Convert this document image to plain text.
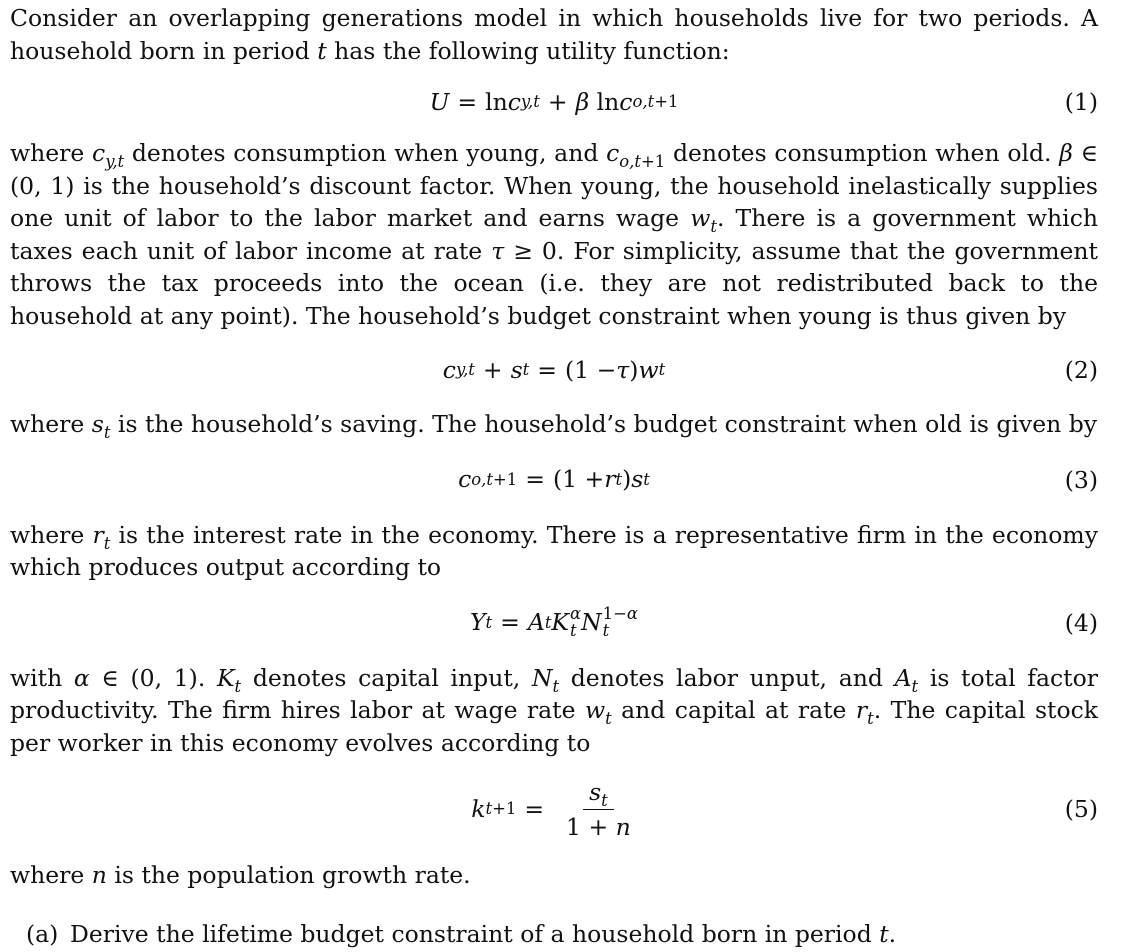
Consider an overlapping generations model in which households live for two periods. A household born in period t has the following utility function:

U = ln c y,t + β ln c o,t+1	(1)

where $c_{y,t}$ denotes consumption when young, and $c_{o,t+1}$ denotes consumption when old. β ∈ (0, 1) is the household’s discount factor. When young, the household inelastically supplies one unit of labor to the labor market and earns wage $w_t$. There is a government which taxes each unit of labor income at rate τ ≥ 0. For simplicity, assume that the government throws the tax proceeds into the ocean (i.e. they are not redistributed back to the household at any point). The household’s budget constraint when young is thus given by

c y,t + s t = (1 − τ ) w t	(2)

where $s_t$ is the household’s saving. The household’s budget constraint when old is given by

c o,t+1 = (1 + r t ) s t	(3)

where $r_t$ is the interest rate in the economy. There is a representative firm in the economy which produces output according to

Y t = A t K α
t N 1−α
t	(4)

with α ∈ (0, 1). $K_t$ denotes capital input, $N_t$ denotes labor unput, and $A_t$ is total factor productivity. The firm hires labor at wage rate $w_t$ and capital at rate $r_t$. The capital stock per worker in this economy evolves according to

k $t+1 = \frac{s_t}{1 + n}$	(5)

where n is the population growth rate.

(a) Derive the lifetime budget constraint of a household born in period t.
